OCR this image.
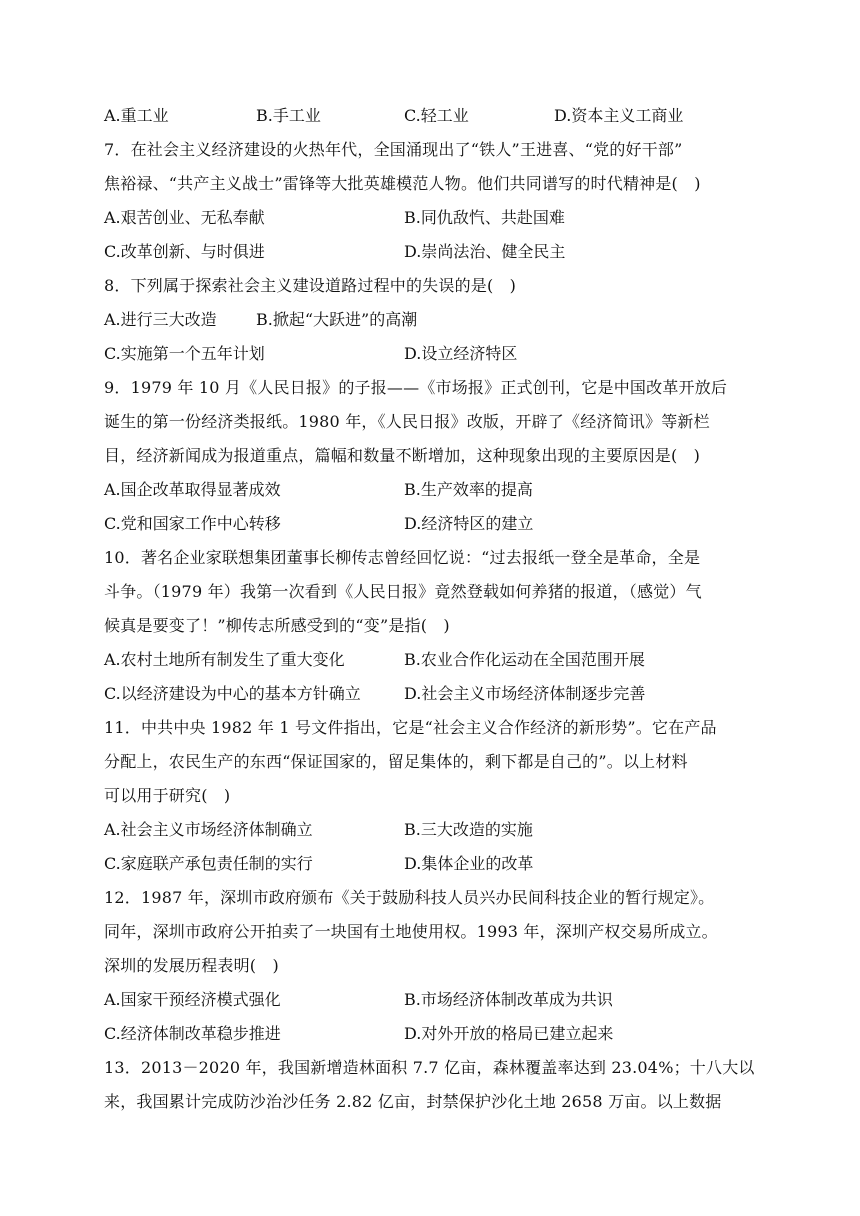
A.重工业	B.手工业	C.轻工业	D.资本主义工商业
7．在社会主义经济建设的火热年代，全国涌现出了“铁人”王进喜、“党的好干部”
焦裕禄、“共产主义战士”雷锋等大批英雄模范人物。他们共同谱写的时代精神是(　)
A.艰苦创业、无私奉献	B.同仇敌忾、共赴国难
C.改革创新、与时俱进	D.崇尚法治、健全民主
8．下列属于探索社会主义建设道路过程中的失误的是(　)
A.进行三大改造 B.掀起“大跃进”的高潮
C.实施第一个五年计划	D.设立经济特区
9．1979 年 10 月《人民日报》的子报——《市场报》正式创刊，它是中国改革开放后
诞生的第一份经济类报纸。1980 年，《人民日报》改版，开辟了《经济简讯》等新栏
目，经济新闻成为报道重点，篇幅和数量不断增加，这种现象出现的主要原因是(　)
A.国企改革取得显著成效	B.生产效率的提高
C.党和国家工作中心转移	D.经济特区的建立
10．著名企业家联想集团董事长柳传志曾经回忆说：“过去报纸一登全是革命，全是
斗争。（1979 年）我第一次看到《人民日报》竟然登载如何养猪的报道，（感觉）气
候真是要变了！”柳传志所感受到的“变”是指(　)
A.农村土地所有制发生了重大变化	B.农业合作化运动在全国范围开展
C.以经济建设为中心的基本方针确立	D.社会主义市场经济体制逐步完善
11．中共中央 1982 年 1 号文件指出，它是“社会主义合作经济的新形势”。它在产品
分配上，农民生产的东西“保证国家的，留足集体的，剩下都是自己的”。以上材料
可以用于研究(　)
A.社会主义市场经济体制确立	B.三大改造的实施
C.家庭联产承包责任制的实行	D.集体企业的改革
12．1987 年，深圳市政府颁布《关于鼓励科技人员兴办民间科技企业的暂行规定》。
同年，深圳市政府公开拍卖了一块国有土地使用权。1993 年，深圳产权交易所成立。
深圳的发展历程表明(　)
A.国家干预经济模式强化	B.市场经济体制改革成为共识
C.经济体制改革稳步推进	D.对外开放的格局已建立起来
13．2013－2020 年，我国新增造林面积 7.7 亿亩，森林覆盖率达到 23.04%；十八大以
来，我国累计完成防沙治沙任务 2.82 亿亩，封禁保护沙化土地 2658 万亩。以上数据
